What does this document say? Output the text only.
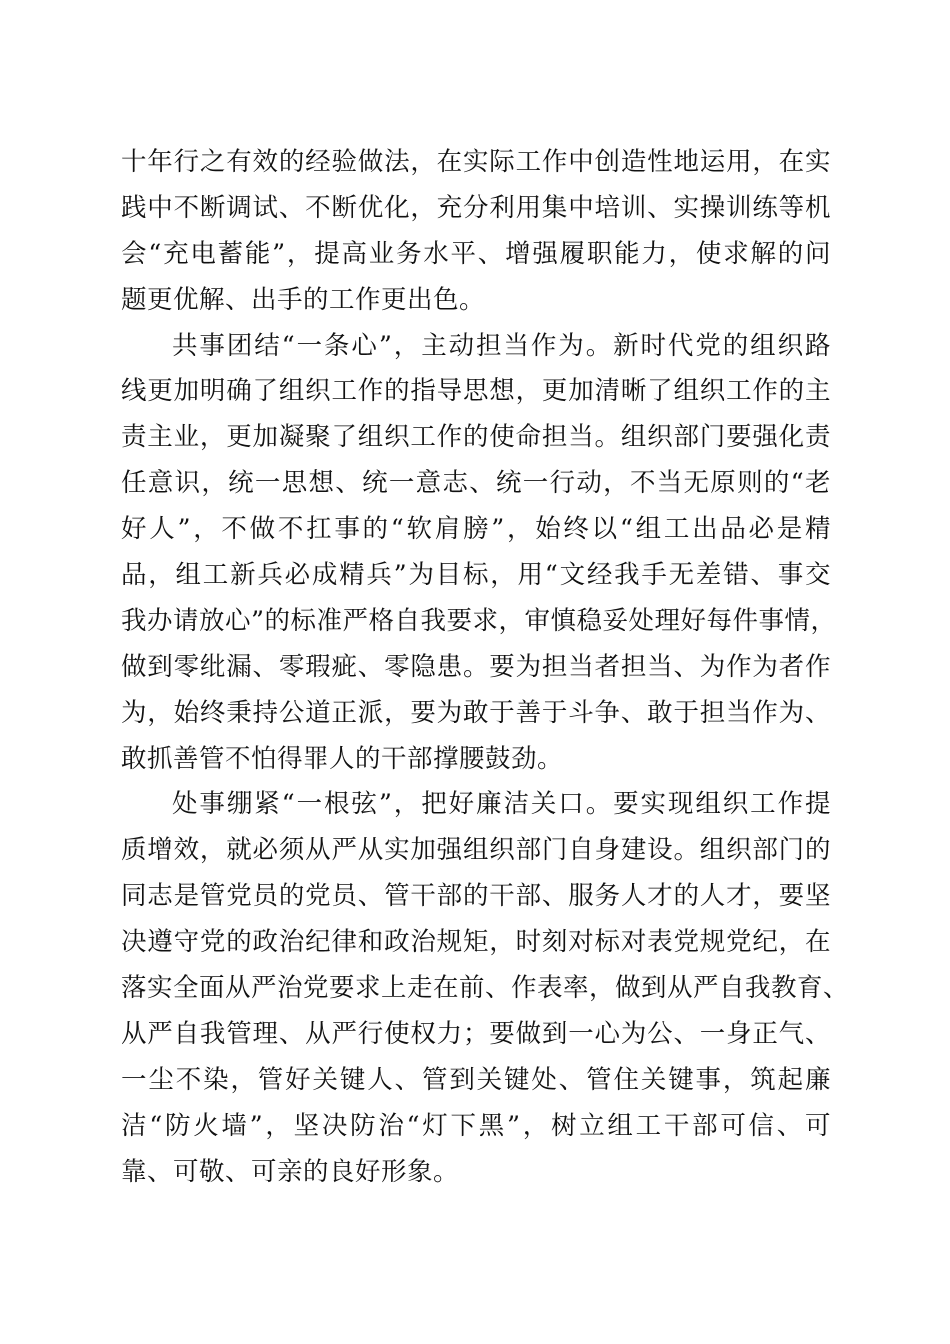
十年行之有效的经验做法，在实际工作中创造性地运用，在实
践中不断调试、不断优化，充分利用集中培训、实操训练等机
会“充电蓄能”，提高业务水平、增强履职能力，使求解的问
题更优解、出手的工作更出色。
共事团结“一条心”，主动担当作为。新时代党的组织路
线更加明确了组织工作的指导思想，更加清晰了组织工作的主
责主业，更加凝聚了组织工作的使命担当。组织部门要强化责
任意识，统一思想、统一意志、统一行动，不当无原则的“老
好人”，不做不扛事的“软肩膀”，始终以“组工出品必是精
品，组工新兵必成精兵”为目标，用“文经我手无差错、事交
我办请放心”的标准严格自我要求，审慎稳妥处理好每件事情，
做到零纰漏、零瑕疵、零隐患。要为担当者担当、为作为者作
为，始终秉持公道正派，要为敢于善于斗争、敢于担当作为、
敢抓善管不怕得罪人的干部撑腰鼓劲。
处事绷紧“一根弦”，把好廉洁关口。要实现组织工作提
质增效，就必须从严从实加强组织部门自身建设。组织部门的
同志是管党员的党员、管干部的干部、服务人才的人才，要坚
决遵守党的政治纪律和政治规矩，时刻对标对表党规党纪，在
落实全面从严治党要求上走在前、作表率，做到从严自我教育、
从严自我管理、从严行使权力；要做到一心为公、一身正气、
一尘不染，管好关键人、管到关键处、管住关键事，筑起廉
洁“防火墙”，坚决防治“灯下黑”，树立组工干部可信、可
靠、可敬、可亲的良好形象。
